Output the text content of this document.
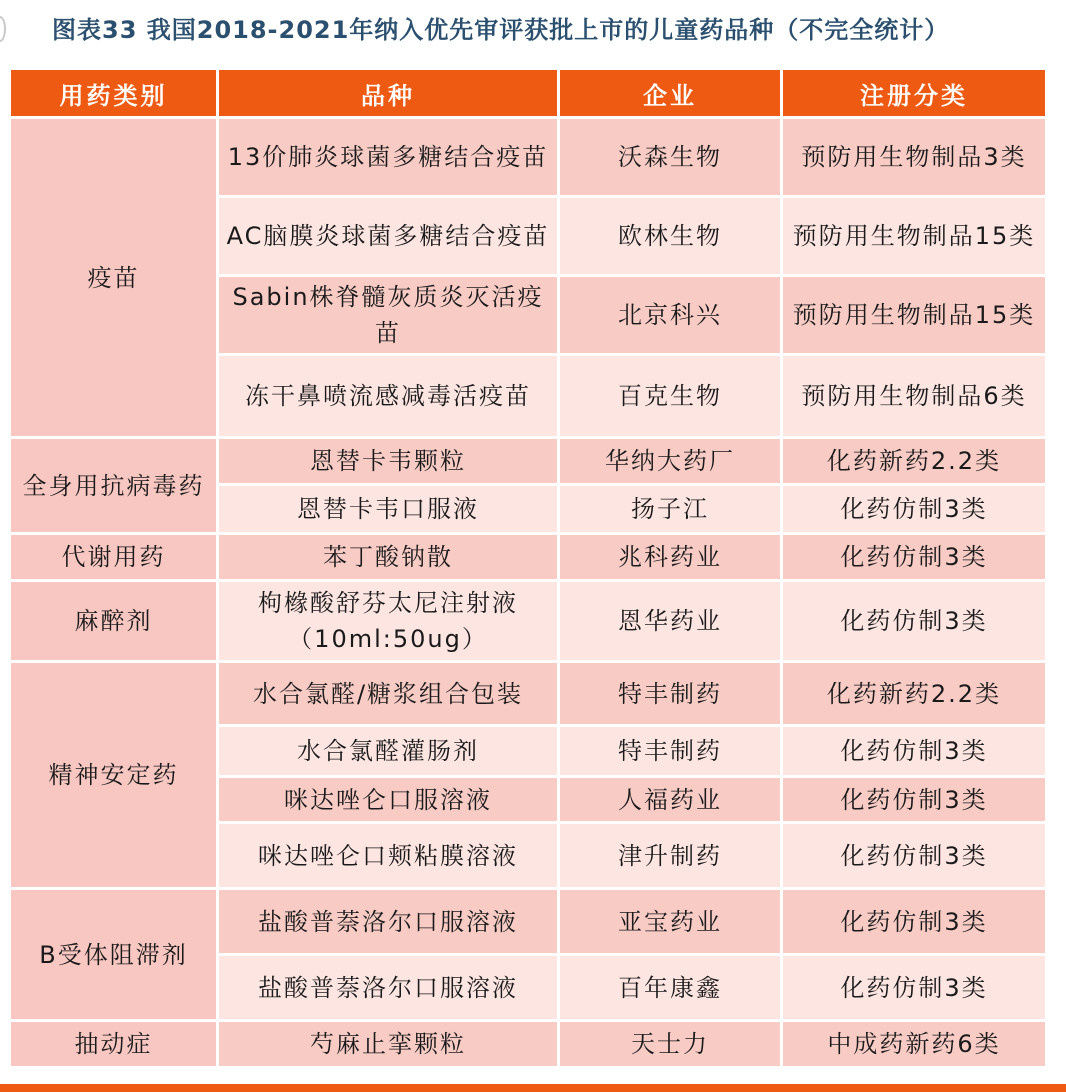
图表33 我国2018-2021年纳入优先审评获批上市的儿童药品种（不完全统计）
用药类别	品种	企业	注册分类
疫苗	13价肺炎球菌多糖结合疫苗	沃森生物	预防用生物制品3类
	AC脑膜炎球菌多糖结合疫苗	欧林生物	预防用生物制品15类
	Sabin株脊髓灰质炎灭活疫苗	北京科兴	预防用生物制品15类
	冻干鼻喷流感减毒活疫苗	百克生物	预防用生物制品6类
全身用抗病毒药	恩替卡韦颗粒	华纳大药厂	化药新药2.2类
	恩替卡韦口服液	扬子江	化药仿制3类
代谢用药	苯丁酸钠散	兆科药业	化药仿制3类
麻醉剂	枸橼酸舒芬太尼注射液（10ml:50ug）	恩华药业	化药仿制3类
精神安定药	水合氯醛/糖浆组合包装	特丰制药	化药新药2.2类
	水合氯醛灌肠剂	特丰制药	化药仿制3类
	咪达唑仑口服溶液	人福药业	化药仿制3类
	咪达唑仑口颊粘膜溶液	津升制药	化药仿制3类
Β受体阻滞剂	盐酸普萘洛尔口服溶液	亚宝药业	化药仿制3类
	盐酸普萘洛尔口服溶液	百年康鑫	化药仿制3类
抽动症	芍麻止挛颗粒	天士力	中成药新药6类
